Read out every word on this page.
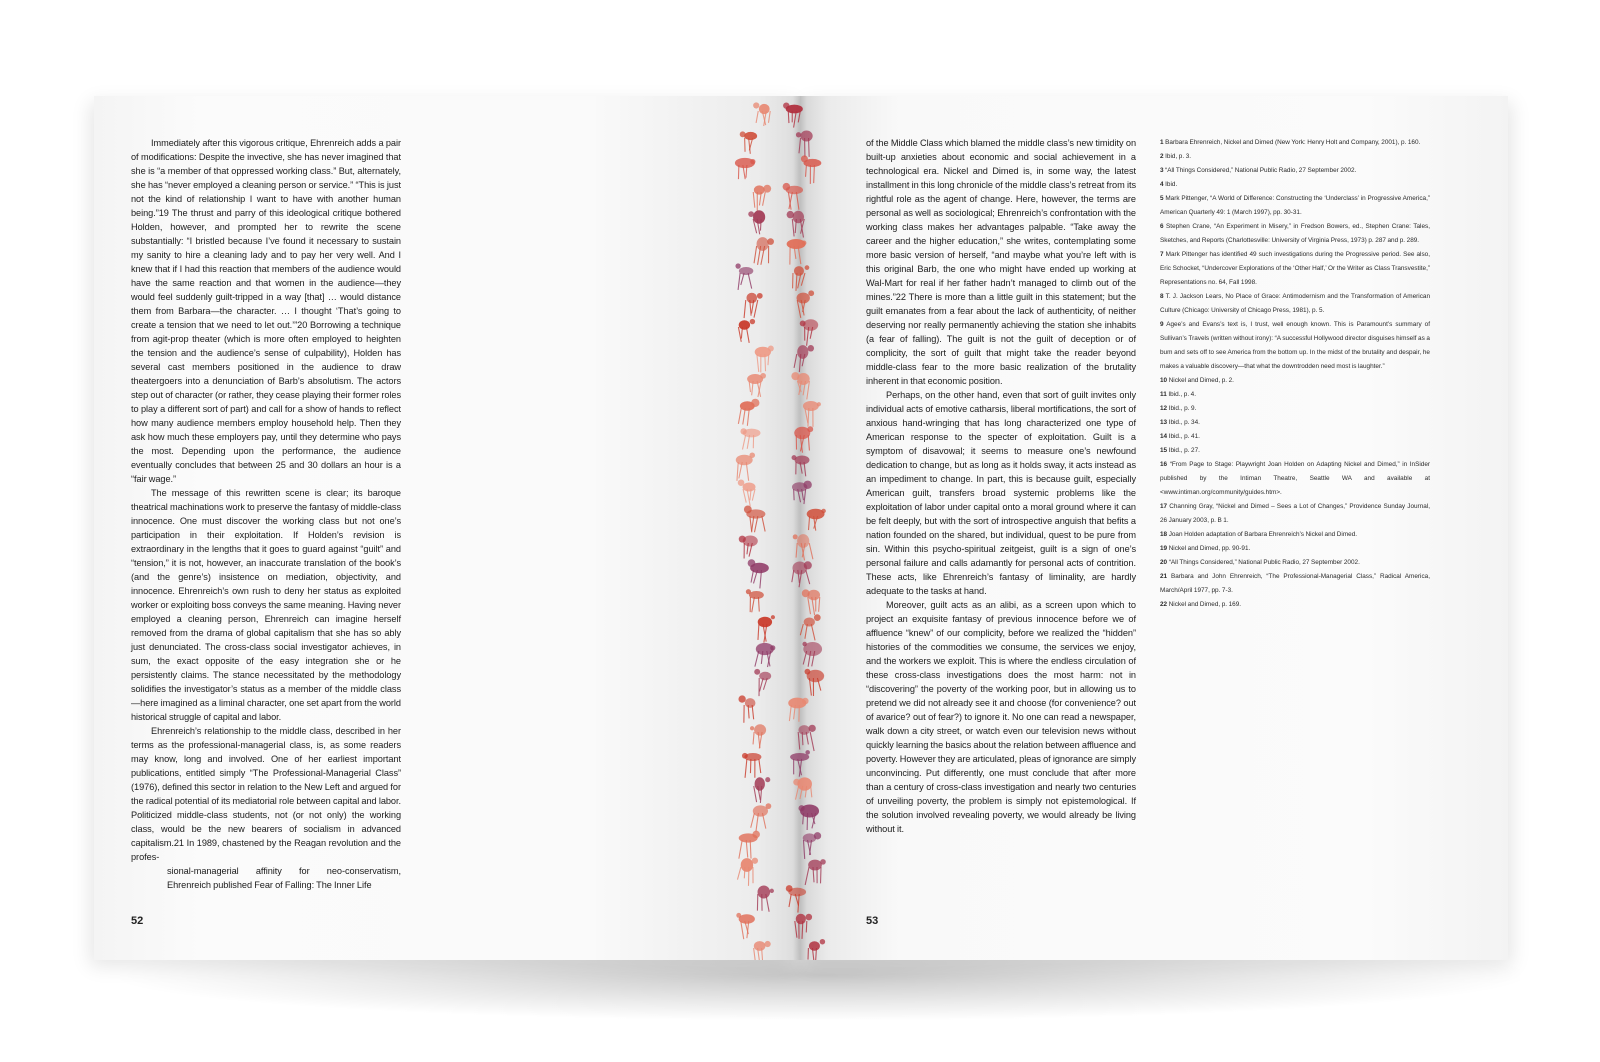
Immediately after this vigorous critique, Ehrenreich adds a pair of modifications: Despite the invective, she has never imagined that she is “a member of that oppressed working class.” But, alternately, she has “never employed a cleaning person or service.” “This is just not the kind of relationship I want to have with another human being.”19 The thrust and parry of this ideological critique bothered Holden, however, and prompted her to rewrite the scene substantially: “I bristled because I’ve found it necessary to sustain my sanity to hire a cleaning lady and to pay her very well. And I knew that if I had this reaction that members of the audience would have the same reaction and that women in the audience—they would feel suddenly guilt-tripped in a way [that] … would distance them from Barbara—the character. … I thought ‘That’s going to create a tension that we need to let out.’”20 Borrowing a technique from agit-prop theater (which is more often employed to heighten the tension and the audience’s sense of culpability), Holden has several cast members positioned in the audience to draw theatergoers into a denunciation of Barb’s absolutism. The actors step out of character (or rather, they cease playing their former roles to play a different sort of part) and call for a show of hands to reflect how many audience members employ household help. Then they ask how much these employers pay, until they determine who pays the most. Depending upon the performance, the audience eventually concludes that between 25 and 30 dollars an hour is a “fair wage.”

The message of this rewritten scene is clear; its baroque theatrical machinations work to preserve the fantasy of middle-class innocence. One must discover the working class but not one’s participation in their exploitation. If Holden’s revision is extraordinary in the lengths that it goes to guard against “guilt” and “tension,” it is not, however, an inaccurate translation of the book’s (and the genre’s) insistence on mediation, objectivity, and innocence. Ehrenreich’s own rush to deny her status as exploited worker or exploiting boss conveys the same meaning. Having never employed a cleaning person, Ehrenreich can imagine herself removed from the drama of global capitalism that she has so ably just denunciated. The cross-class social investigator achieves, in sum, the exact opposite of the easy integration she or he persistently claims. The stance necessitated by the methodology solidifies the investigator’s status as a member of the middle class—here imagined as a liminal character, one set apart from the world historical struggle of capital and labor.

Ehrenreich’s relationship to the middle class, described in her terms as the professional-managerial class, is, as some readers may know, long and involved. One of her earliest important publications, entitled simply “The Professional-Managerial Class” (1976), defined this sector in relation to the New Left and argued for the radical potential of its mediatorial role between capital and labor. Politicized middle-class students, not (or not only) the working class, would be the new bearers of socialism in advanced capitalism.21 In 1989, chastened by the Reagan revolution and the profes-

sional-managerial affinity for neo-conservatism, Ehrenreich published Fear of Falling: The Inner Life

52

of the Middle Class which blamed the middle class’s new timidity on built-up anxieties about economic and social achievement in a technological era. Nickel and Dimed is, in some way, the latest installment in this long chronicle of the middle class’s retreat from its rightful role as the agent of change. Here, however, the terms are personal as well as sociological; Ehrenreich’s confrontation with the working class makes her advantages palpable. “Take away the career and the higher education,” she writes, contemplating some more basic version of herself, “and maybe what you’re left with is this original Barb, the one who might have ended up working at Wal-Mart for real if her father hadn’t managed to climb out of the mines.”22 There is more than a little guilt in this statement; but the guilt emanates from a fear about the lack of authenticity, of neither deserving nor really permanently achieving the station she inhabits (a fear of falling). The guilt is not the guilt of deception or of complicity, the sort of guilt that might take the reader beyond middle-class fear to the more basic realization of the brutality inherent in that economic position.

Perhaps, on the other hand, even that sort of guilt invites only individual acts of emotive catharsis, liberal mortifications, the sort of anxious hand-wringing that has long characterized one type of American response to the specter of exploitation. Guilt is a symptom of disavowal; it seems to measure one’s newfound dedication to change, but as long as it holds sway, it acts instead as an impediment to change. In part, this is because guilt, especially American guilt, transfers broad systemic problems like the exploitation of labor under capital onto a moral ground where it can be felt deeply, but with the sort of introspective anguish that befits a nation founded on the shared, but individual, quest to be pure from sin. Within this psycho-spiritual zeitgeist, guilt is a sign of one’s personal failure and calls adamantly for personal acts of contrition. These acts, like Ehrenreich’s fantasy of liminality, are hardly adequate to the tasks at hand.

Moreover, guilt acts as an alibi, as a screen upon which to project an exquisite fantasy of previous innocence before we of affluence “knew” of our complicity, before we realized the “hidden” histories of the commodities we consume, the services we enjoy, and the workers we exploit. This is where the endless circulation of these cross-class investigations does the most harm: not in “discovering” the poverty of the working poor, but in allowing us to pretend we did not already see it and choose (for convenience? out of avarice? out of fear?) to ignore it. No one can read a newspaper, walk down a city street, or watch even our television news without quickly learning the basics about the relation between affluence and poverty. However they are articulated, pleas of ignorance are simply unconvincing. Put differently, one must conclude that after more than a century of cross-class investigation and nearly two centuries of unveiling poverty, the problem is simply not epistemological. If the solution involved revealing poverty, we would already be living without it.

53

1 Barbara Ehrenreich, Nickel and Dimed (New York: Henry Holt and Company, 2001), p. 160.

2 Ibid, p. 3.

3 “All Things Considered,” National Public Radio, 27 September 2002.

4 Ibid.

5 Mark Pittenger, “A World of Difference: Constructing the ‘Underclass’ in Progressive America,” American Quarterly 49: 1 (March 1997), pp. 30-31.

6 Stephen Crane, “An Experiment in Misery,” in Fredson Bowers, ed., Stephen Crane: Tales, Sketches, and Reports (Charlottesville: University of Virginia Press, 1973) p. 287 and p. 289.

7 Mark Pittenger has identified 49 such investigations during the Progressive period. See also, Eric Schocket, “Undercover Explorations of the ‘Other Half,’ Or the Writer as Class Transvestite,” Representations no. 64, Fall 1998.

8 T. J. Jackson Lears, No Place of Grace: Antimodernism and the Transformation of American Culture (Chicago: University of Chicago Press, 1981), p. 5.

9 Agee’s and Evans’s text is, I trust, well enough known. This is Paramount’s summary of Sullivan’s Travels (written without irony): “A successful Hollywood director disguises himself as a bum and sets off to see America from the bottom up. In the midst of the brutality and despair, he makes a valuable discovery—that what the downtrodden need most is laughter.”

10 Nickel and Dimed, p. 2.

11 Ibid., p. 4.

12 Ibid., p. 9.

13 Ibid., p. 34.

14 Ibid., p. 41.

15 Ibid., p. 27.

16 “From Page to Stage: Playwright Joan Holden on Adapting Nickel and Dimed,” in InSider published by the Intiman Theatre, Seattle WA and available at <www.intiman.org/community/guides.htm>.

17 Channing Gray, “Nickel and Dimed – Sees a Lot of Changes,” Providence Sunday Journal, 26 January 2003, p. B 1.

18 Joan Holden adaptation of Barbara Ehrenreich’s Nickel and Dimed.

19 Nickel and Dimed, pp. 90-91.

20 “All Things Considered,” National Public Radio, 27 September 2002.

21 Barbara and John Ehrenreich, “The Professional-Managerial Class,” Radical America, March/April 1977, pp. 7-3.

22 Nickel and Dimed, p. 169.
